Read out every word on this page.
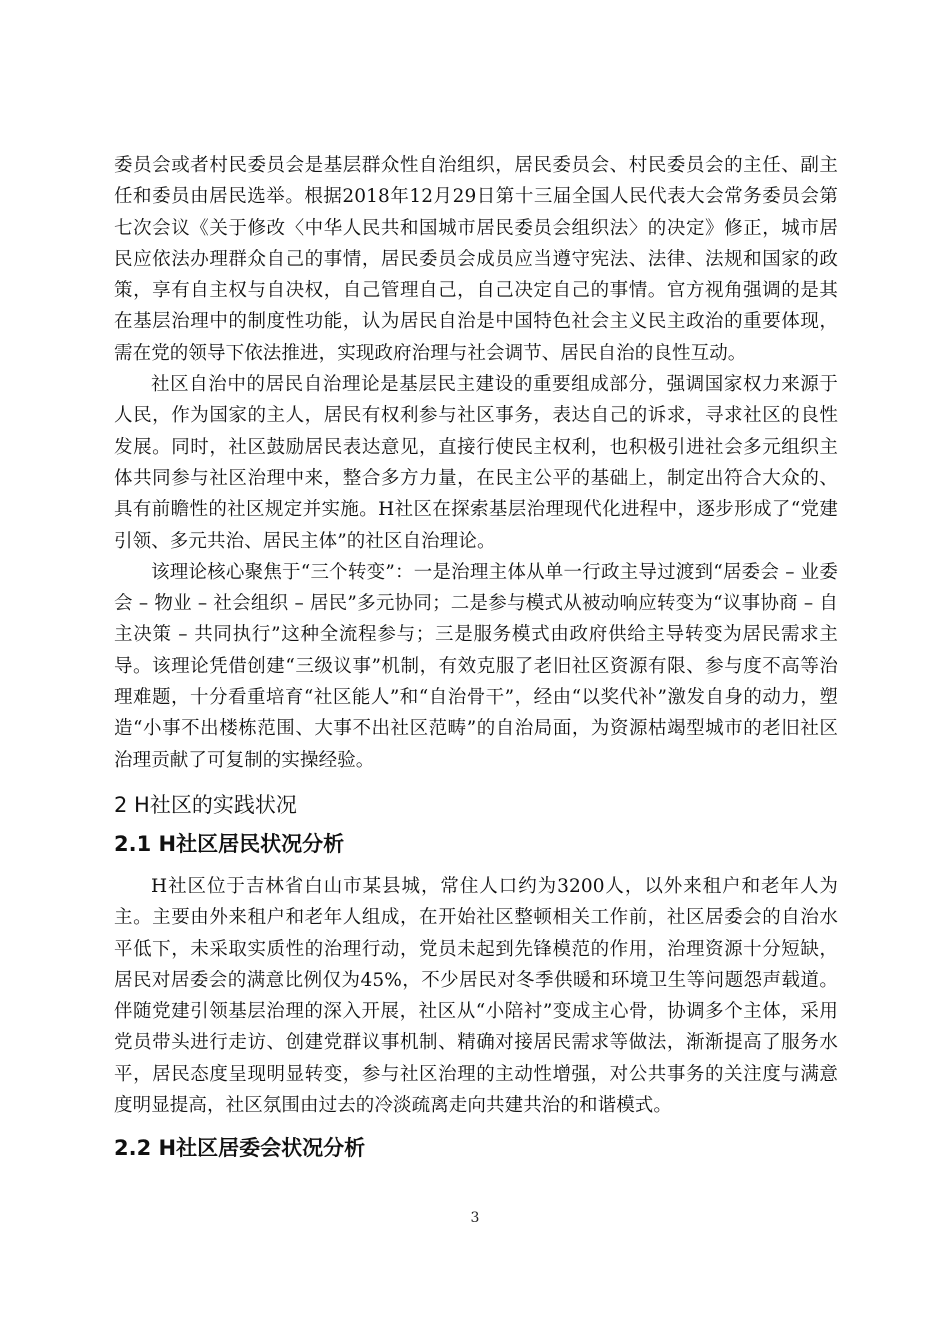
委员会或者村民委员会是基层群众性自治组织，居民委员会、村民委员会的主任、副主任和委员由居民选举。根据2018年12月29日第十三届全国人民代表大会常务委员会第七次会议《关于修改〈中华人民共和国城市居民委员会组织法〉的决定》修正，城市居民应依法办理群众自己的事情，居民委员会成员应当遵守宪法、法律、法规和国家的政策，享有自主权与自决权，自己管理自己，自己决定自己的事情。官方视角强调的是其在基层治理中的制度性功能，认为居民自治是中国特色社会主义民主政治的重要体现，需在党的领导下依法推进，实现政府治理与社会调节、居民自治的良性互动。

社区自治中的居民自治理论是基层民主建设的重要组成部分，强调国家权力来源于人民，作为国家的主人，居民有权利参与社区事务，表达自己的诉求，寻求社区的良性发展。同时，社区鼓励居民表达意见，直接行使民主权利，也积极引进社会多元组织主体共同参与社区治理中来，整合多方力量，在民主公平的基础上，制定出符合大众的、具有前瞻性的社区规定并实施。H社区在探索基层治理现代化进程中，逐步形成了“党建引领、多元共治、居民主体”的社区自治理论。

该理论核心聚焦于“三个转变”：一是治理主体从单一行政主导过渡到“居委会 – 业委会 – 物业 – 社会组织 – 居民”多元协同；二是参与模式从被动响应转变为“议事协商 – 自主决策 – 共同执行”这种全流程参与；三是服务模式由政府供给主导转变为居民需求主导。该理论凭借创建“三级议事”机制，有效克服了老旧社区资源有限、参与度不高等治理难题，十分看重培育“社区能人”和“自治骨干”，经由“以奖代补”激发自身的动力，塑造“小事不出楼栋范围、大事不出社区范畴”的自治局面，为资源枯竭型城市的老旧社区治理贡献了可复制的实操经验。

2 H社区的实践状况
2.1 H社区居民状况分析

H社区位于吉林省白山市某县城，常住人口约为3200人，以外来租户和老年人为主。主要由外来租户和老年人组成，在开始社区整顿相关工作前，社区居委会的自治水平低下，未采取实质性的治理行动，党员未起到先锋模范的作用，治理资源十分短缺，居民对居委会的满意比例仅为45%，不少居民对冬季供暖和环境卫生等问题怨声载道。伴随党建引领基层治理的深入开展，社区从“小陪衬”变成主心骨，协调多个主体，采用党员带头进行走访、创建党群议事机制、精确对接居民需求等做法，渐渐提高了服务水平，居民态度呈现明显转变，参与社区治理的主动性增强，对公共事务的关注度与满意度明显提高，社区氛围由过去的冷淡疏离走向共建共治的和谐模式。

2.2 H社区居委会状况分析
3
